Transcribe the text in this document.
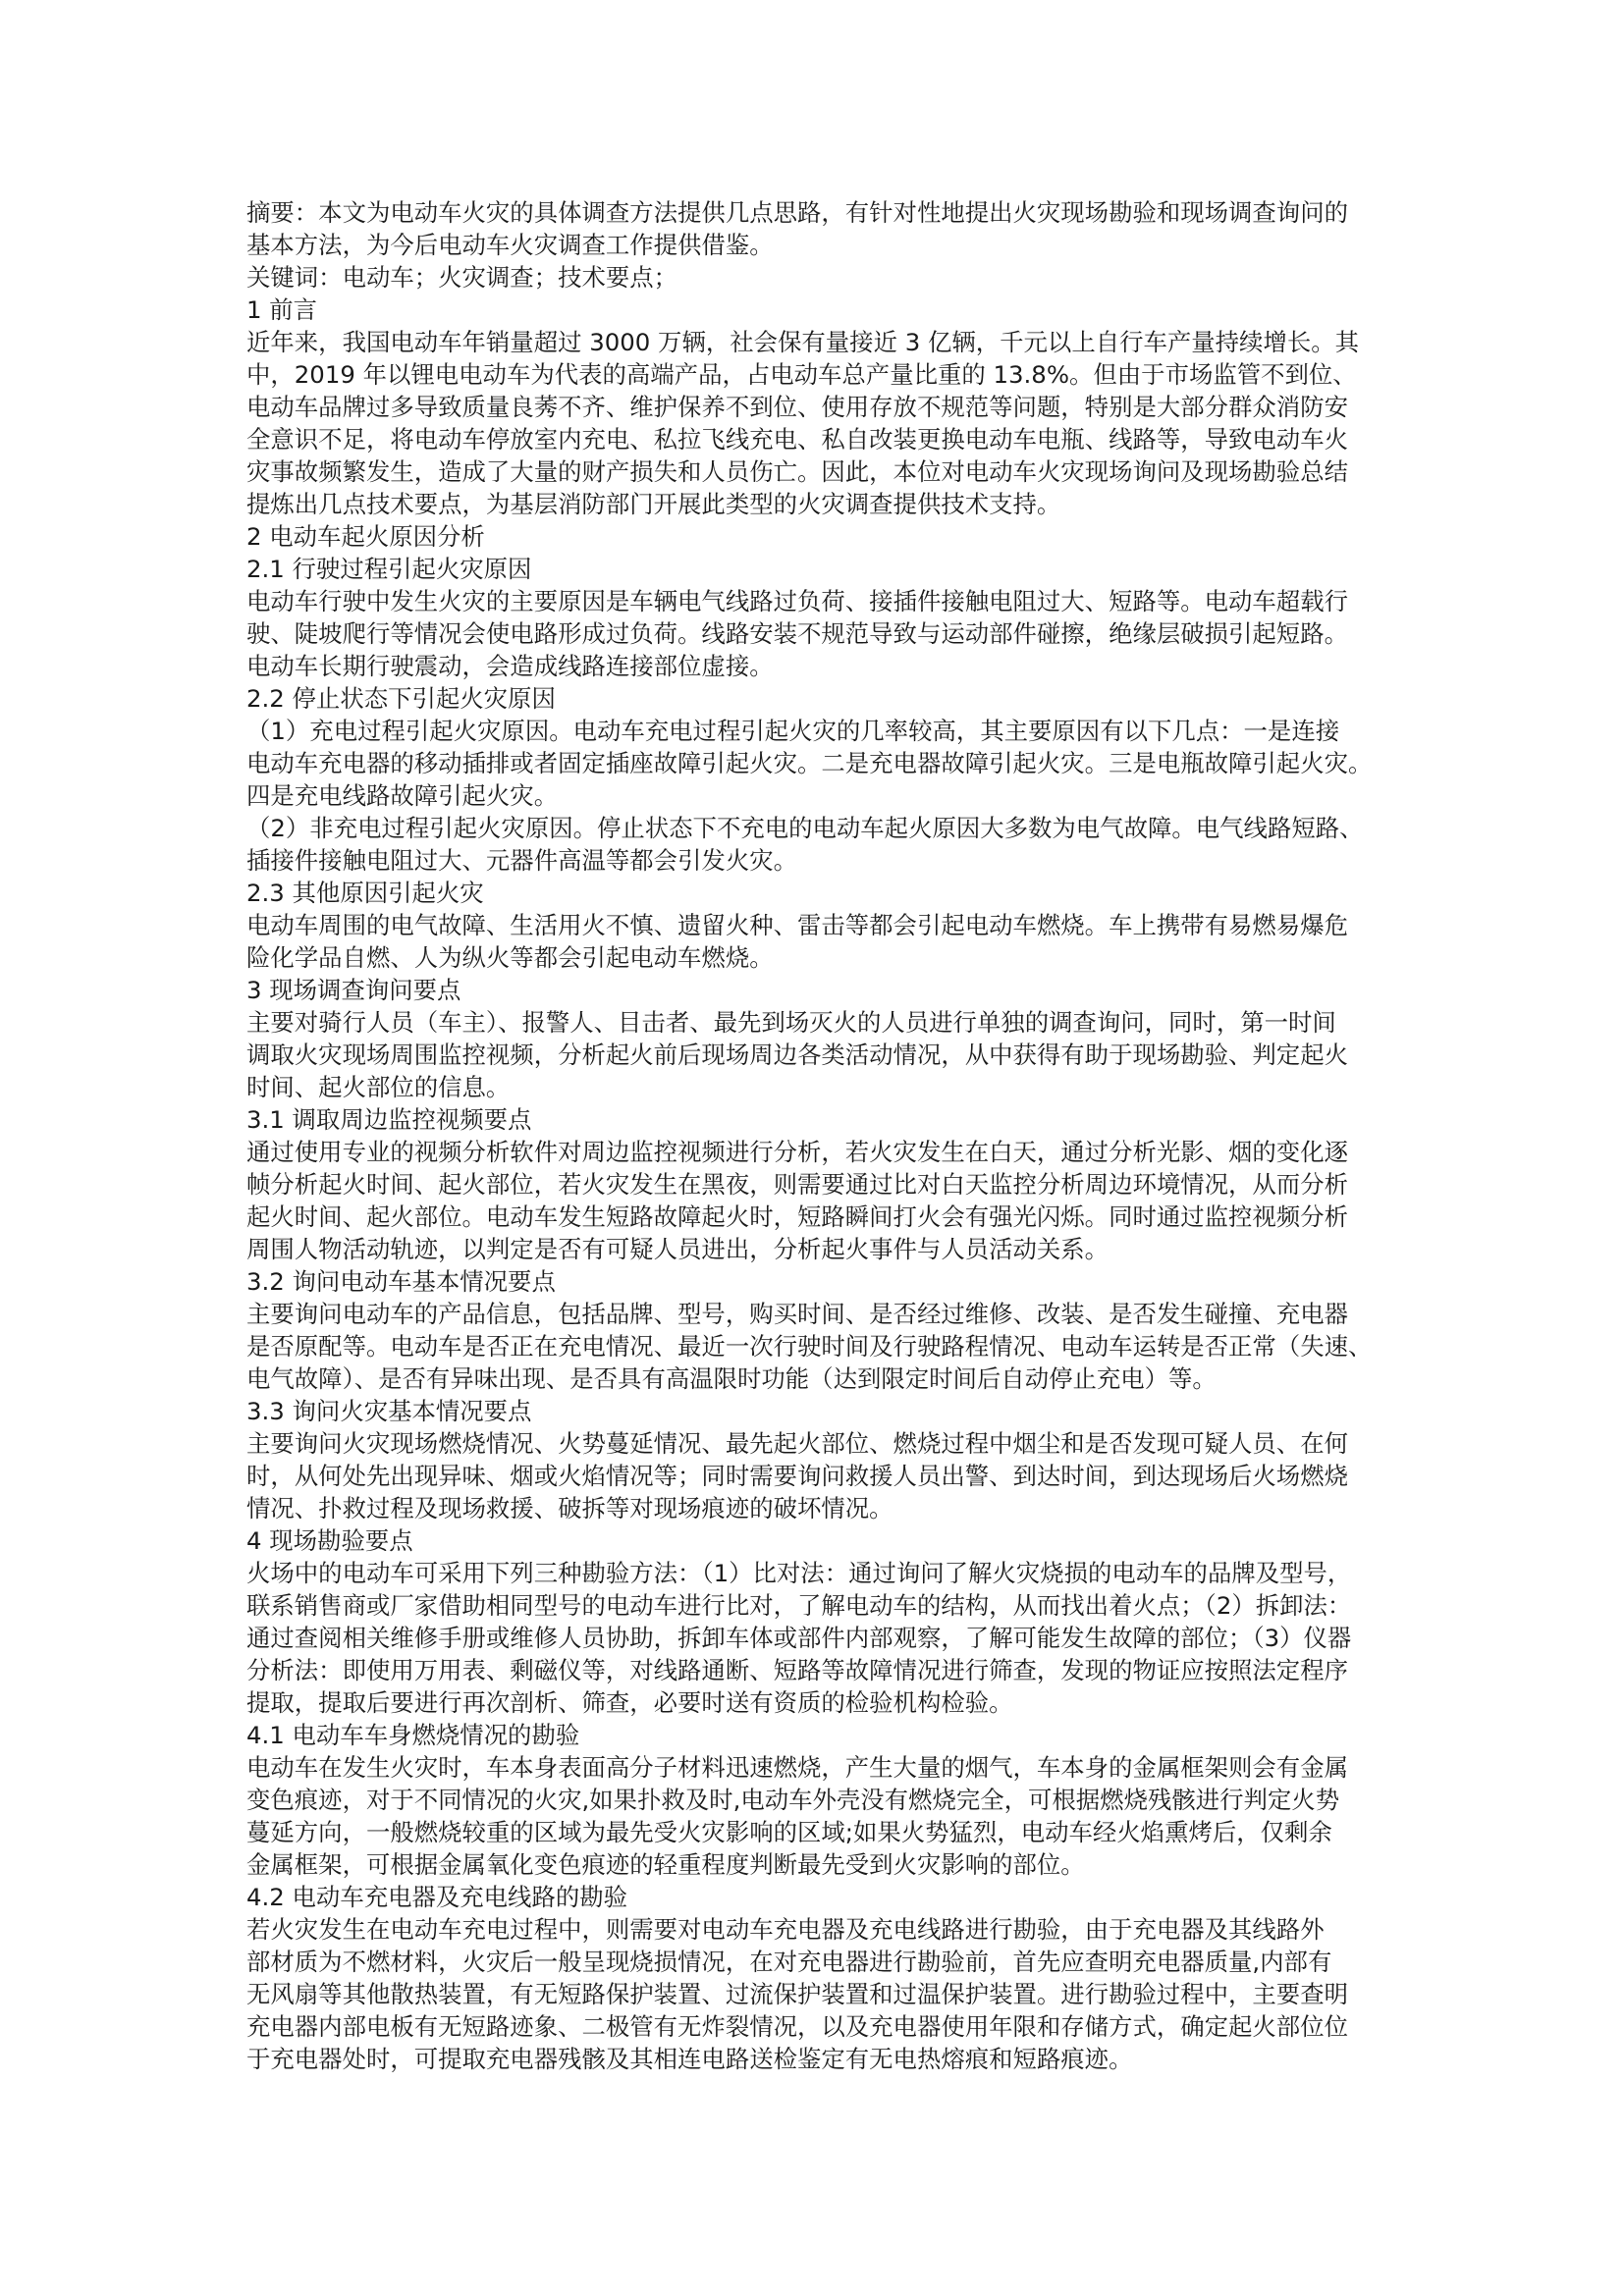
摘要：本文为电动车火灾的具体调查方法提供几点思路，有针对性地提出火灾现场勘验和现场调查询问的
基本方法，为今后电动车火灾调查工作提供借鉴。
关键词：电动车；火灾调查；技术要点；
1 前言
近年来，我国电动车年销量超过 3000 万辆，社会保有量接近 3 亿辆，千元以上自行车产量持续增长。其
中，2019 年以锂电电动车为代表的高端产品，占电动车总产量比重的 13.8%。但由于市场监管不到位、
电动车品牌过多导致质量良莠不齐、维护保养不到位、使用存放不规范等问题，特别是大部分群众消防安
全意识不足，将电动车停放室内充电、私拉飞线充电、私自改装更换电动车电瓶、线路等，导致电动车火
灾事故频繁发生，造成了大量的财产损失和人员伤亡。因此，本位对电动车火灾现场询问及现场勘验总结
提炼出几点技术要点，为基层消防部门开展此类型的火灾调查提供技术支持。
2 电动车起火原因分析
2.1 行驶过程引起火灾原因
电动车行驶中发生火灾的主要原因是车辆电气线路过负荷、接插件接触电阻过大、短路等。电动车超载行
驶、陡坡爬行等情况会使电路形成过负荷。线路安装不规范导致与运动部件碰擦，绝缘层破损引起短路。
电动车长期行驶震动，会造成线路连接部位虚接。
2.2 停止状态下引起火灾原因
（1）充电过程引起火灾原因。电动车充电过程引起火灾的几率较高，其主要原因有以下几点：一是连接
电动车充电器的移动插排或者固定插座故障引起火灾。二是充电器故障引起火灾。三是电瓶故障引起火灾。
四是充电线路故障引起火灾。
（2）非充电过程引起火灾原因。停止状态下不充电的电动车起火原因大多数为电气故障。电气线路短路、
插接件接触电阻过大、元器件高温等都会引发火灾。
2.3 其他原因引起火灾
电动车周围的电气故障、生活用火不慎、遗留火种、雷击等都会引起电动车燃烧。车上携带有易燃易爆危
险化学品自燃、人为纵火等都会引起电动车燃烧。
3 现场调查询问要点
主要对骑行人员（车主）、报警人、目击者、最先到场灭火的人员进行单独的调查询问，同时，第一时间
调取火灾现场周围监控视频，分析起火前后现场周边各类活动情况，从中获得有助于现场勘验、判定起火
时间、起火部位的信息。
3.1 调取周边监控视频要点
通过使用专业的视频分析软件对周边监控视频进行分析，若火灾发生在白天，通过分析光影、烟的变化逐
帧分析起火时间、起火部位，若火灾发生在黑夜，则需要通过比对白天监控分析周边环境情况，从而分析
起火时间、起火部位。电动车发生短路故障起火时，短路瞬间打火会有强光闪烁。同时通过监控视频分析
周围人物活动轨迹，以判定是否有可疑人员进出，分析起火事件与人员活动关系。
3.2 询问电动车基本情况要点
主要询问电动车的产品信息，包括品牌、型号，购买时间、是否经过维修、改装、是否发生碰撞、充电器
是否原配等。电动车是否正在充电情况、最近一次行驶时间及行驶路程情况、电动车运转是否正常（失速、
电气故障）、是否有异味出现、是否具有高温限时功能（达到限定时间后自动停止充电）等。
3.3 询问火灾基本情况要点
主要询问火灾现场燃烧情况、火势蔓延情况、最先起火部位、燃烧过程中烟尘和是否发现可疑人员、在何
时，从何处先出现异味、烟或火焰情况等；同时需要询问救援人员出警、到达时间，到达现场后火场燃烧
情况、扑救过程及现场救援、破拆等对现场痕迹的破坏情况。
4 现场勘验要点
火场中的电动车可采用下列三种勘验方法：（1）比对法：通过询问了解火灾烧损的电动车的品牌及型号，
联系销售商或厂家借助相同型号的电动车进行比对，了解电动车的结构，从而找出着火点；（2）拆卸法：
通过查阅相关维修手册或维修人员协助，拆卸车体或部件内部观察，了解可能发生故障的部位；（3）仪器
分析法：即使用万用表、剩磁仪等，对线路通断、短路等故障情况进行筛查，发现的物证应按照法定程序
提取，提取后要进行再次剖析、筛查，必要时送有资质的检验机构检验。
4.1 电动车车身燃烧情况的勘验
电动车在发生火灾时，车本身表面高分子材料迅速燃烧，产生大量的烟气，车本身的金属框架则会有金属
变色痕迹，对于不同情况的火灾,如果扑救及时,电动车外壳没有燃烧完全，可根据燃烧残骸进行判定火势
蔓延方向，一般燃烧较重的区域为最先受火灾影响的区域;如果火势猛烈，电动车经火焰熏烤后，仅剩余
金属框架，可根据金属氧化变色痕迹的轻重程度判断最先受到火灾影响的部位。
4.2 电动车充电器及充电线路的勘验
若火灾发生在电动车充电过程中，则需要对电动车充电器及充电线路进行勘验，由于充电器及其线路外
部材质为不燃材料，火灾后一般呈现烧损情况，在对充电器进行勘验前，首先应查明充电器质量,内部有
无风扇等其他散热装置，有无短路保护装置、过流保护装置和过温保护装置。进行勘验过程中，主要查明
充电器内部电板有无短路迹象、二极管有无炸裂情况，以及充电器使用年限和存储方式，确定起火部位位
于充电器处时，可提取充电器残骸及其相连电路送检鉴定有无电热熔痕和短路痕迹。
